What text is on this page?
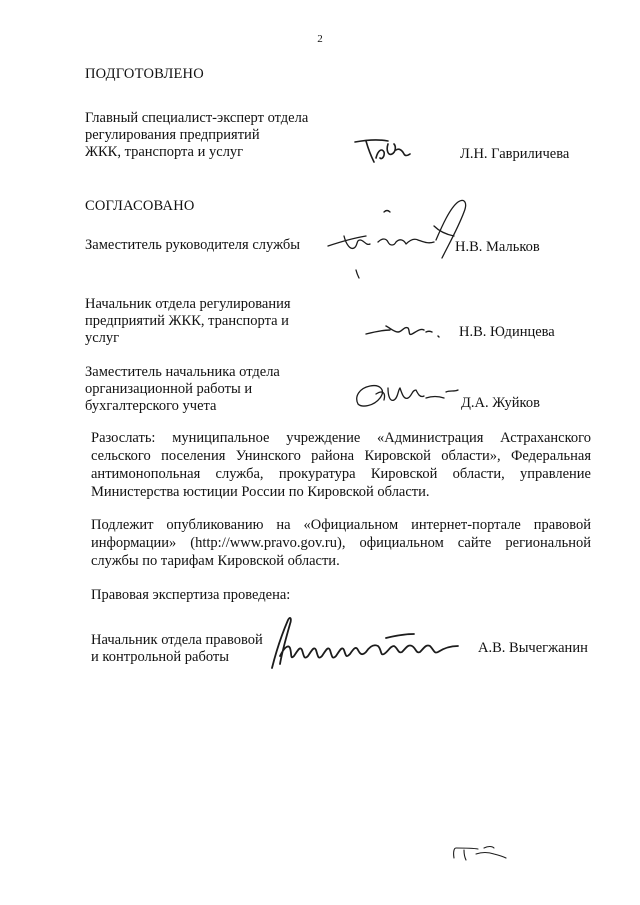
2
ПОДГОТОВЛЕНО
Главный специалист-эксперт отдела
регулирования предприятий
ЖКК, транспорта и услуг	Л.Н. Гавриличева
СОГЛАСОВАНО
Заместитель руководителя службы	Н.В. Мальков
Начальник отдела регулирования
предприятий ЖКК, транспорта и
услуг	Н.В. Юдинцева
Заместитель начальника отдела
организационной работы и
бухгалтерского учета	Д.А. Жуйков
Разослать: муниципальное учреждение «Администрация Астраханского сельского поселения Унинского района Кировской области», Федеральная антимонопольная служба, прокуратура Кировской области, управление Министерства юстиции России по Кировской области.
Подлежит опубликованию на «Официальном интернет-портале правовой информации» (http://www.pravo.gov.ru), официальном сайте региональной службы по тарифам Кировской области.
Правовая экспертиза проведена:
Начальник отдела правовой
и контрольной работы
А.В. Вычегжанин
